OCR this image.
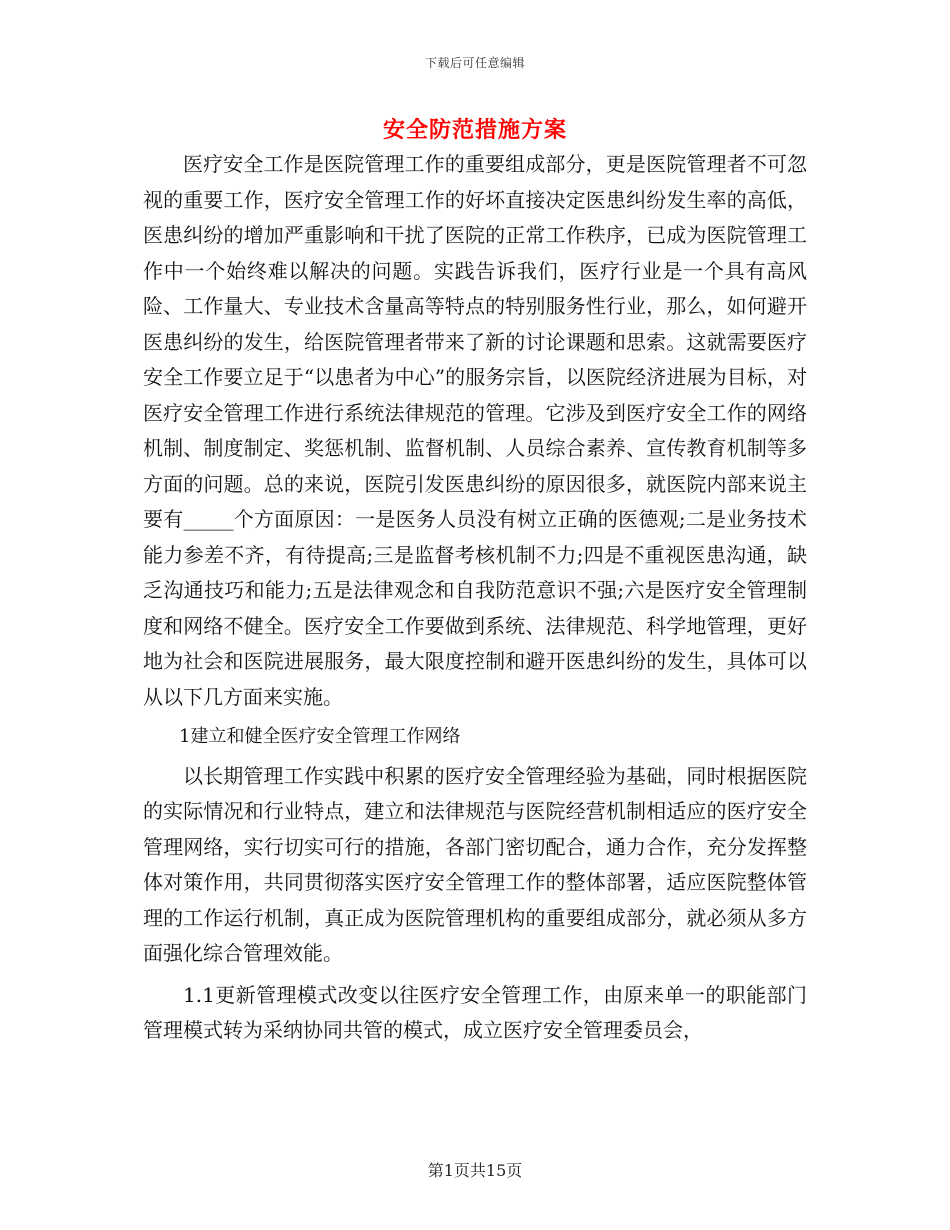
下载后可任意编辑
安全防范措施方案

医疗安全工作是医院管理工作的重要组成部分，更是医院管理者不可忽视的重要工作，医疗安全管理工作的好坏直接决定医患纠纷发生率的高低，医患纠纷的增加严重影响和干扰了医院的正常工作秩序，已成为医院管理工作中一个始终难以解决的问题。实践告诉我们，医疗行业是一个具有高风险、工作量大、专业技术含量高等特点的特别服务性行业，那么，如何避开医患纠纷的发生，给医院管理者带来了新的讨论课题和思索。这就需要医疗安全工作要立足于“以患者为中心”的服务宗旨，以医院经济进展为目标，对医疗安全管理工作进行系统法律规范的管理。它涉及到医疗安全工作的网络机制、制度制定、奖惩机制、监督机制、人员综合素养、宣传教育机制等多方面的问题。总的来说，医院引发医患纠纷的原因很多，就医院内部来说主要有_____个方面原因：一是医务人员没有树立正确的医德观;二是业务技术能力参差不齐，有待提高;三是监督考核机制不力;四是不重视医患沟通，缺乏沟通技巧和能力;五是法律观念和自我防范意识不强;六是医疗安全管理制度和网络不健全。医疗安全工作要做到系统、法律规范、科学地管理，更好地为社会和医院进展服务，最大限度控制和避开医患纠纷的发生，具体可以从以下几方面来实施。

1建立和健全医疗安全管理工作网络

以长期管理工作实践中积累的医疗安全管理经验为基础，同时根据医院的实际情况和行业特点，建立和法律规范与医院经营机制相适应的医疗安全管理网络，实行切实可行的措施，各部门密切配合，通力合作，充分发挥整体对策作用，共同贯彻落实医疗安全管理工作的整体部署，适应医院整体管理的工作运行机制，真正成为医院管理机构的重要组成部分，就必须从多方面强化综合管理效能。

1.1更新管理模式改变以往医疗安全管理工作，由原来单一的职能部门管理模式转为采纳协同共管的模式，成立医疗安全管理委员会，

第1页共15页
